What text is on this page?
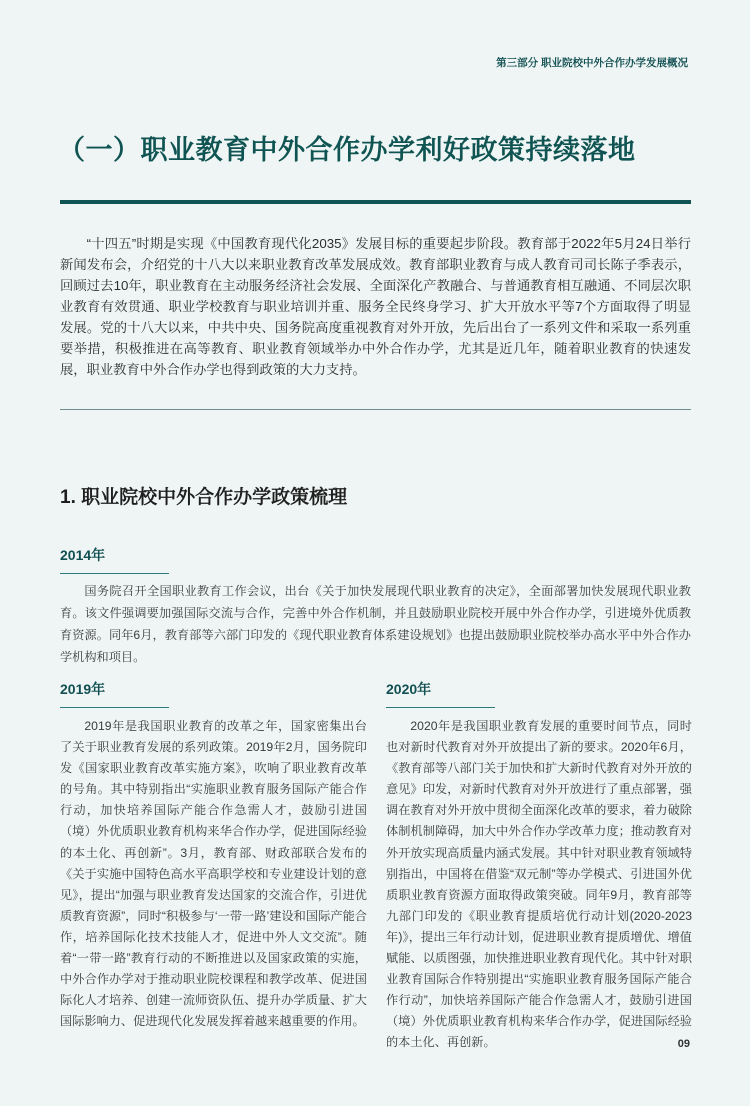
第三部分 职业院校中外合作办学发展概况
（一）职业教育中外合作办学利好政策持续落地
“十四五”时期是实现《中国教育现代化2035》发展目标的重要起步阶段。教育部于2022年5月24日举行新闻发布会，介绍党的十八大以来职业教育改革发展成效。教育部职业教育与成人教育司司长陈子季表示，回顾过去10年，职业教育在主动服务经济社会发展、全面深化产教融合、与普通教育相互融通、不同层次职业教育有效贯通、职业学校教育与职业培训并重、服务全民终身学习、扩大开放水平等7个方面取得了明显发展。党的十八大以来，中共中央、国务院高度重视教育对外开放，先后出台了一系列文件和采取一系列重要举措，积极推进在高等教育、职业教育领域举办中外合作办学，尤其是近几年，随着职业教育的快速发展，职业教育中外合作办学也得到政策的大力支持。
1. 职业院校中外合作办学政策梳理
2014年
国务院召开全国职业教育工作会议，出台《关于加快发展现代职业教育的决定》，全面部署加快发展现代职业教育。该文件强调要加强国际交流与合作，完善中外合作机制，并且鼓励职业院校开展中外合作办学，引进境外优质教育资源。同年6月，教育部等六部门印发的《现代职业教育体系建设规划》也提出鼓励职业院校举办高水平中外合作办学机构和项目。
2019年
2019年是我国职业教育的改革之年，国家密集出台了关于职业教育发展的系列政策。2019年2月，国务院印发《国家职业教育改革实施方案》，吹响了职业教育改革的号角。其中特别指出“实施职业教育服务国际产能合作行动，加快培养国际产能合作急需人才，鼓励引进国（境）外优质职业教育机构来华合作办学，促进国际经验的本土化、再创新”。3月，教育部、财政部联合发布的《关于实施中国特色高水平高职学校和专业建设计划的意见》，提出“加强与职业教育发达国家的交流合作，引进优质教育资源”，同时“积极参与‘一带一路’建设和国际产能合作，培养国际化技术技能人才，促进中外人文交流”。随着“一带一路”教育行动的不断推进以及国家政策的实施，中外合作办学对于推动职业院校课程和教学改革、促进国际化人才培养、创建一流师资队伍、提升办学质量、扩大国际影响力、促进现代化发展发挥着越来越重要的作用。
2020年
2020年是我国职业教育发展的重要时间节点，同时也对新时代教育对外开放提出了新的要求。2020年6月，《教育部等八部门关于加快和扩大新时代教育对外开放的意见》印发，对新时代教育对外开放进行了重点部署，强调在教育对外开放中贯彻全面深化改革的要求，着力破除体制机制障碍，加大中外合作办学改革力度；推动教育对外开放实现高质量内涵式发展。其中针对职业教育领域特别指出，中国将在借鉴“双元制”等办学模式、引进国外优质职业教育资源方面取得政策突破。同年9月，教育部等九部门印发的《职业教育提质培优行动计划(2020-2023年)》，提出三年行动计划，促进职业教育提质增优、增值赋能、以质图强，加快推进职业教育现代化。其中针对职业教育国际合作特别提出“实施职业教育服务国际产能合作行动”，加快培养国际产能合作急需人才，鼓励引进国（境）外优质职业教育机构来华合作办学，促进国际经验的本土化、再创新。	09
